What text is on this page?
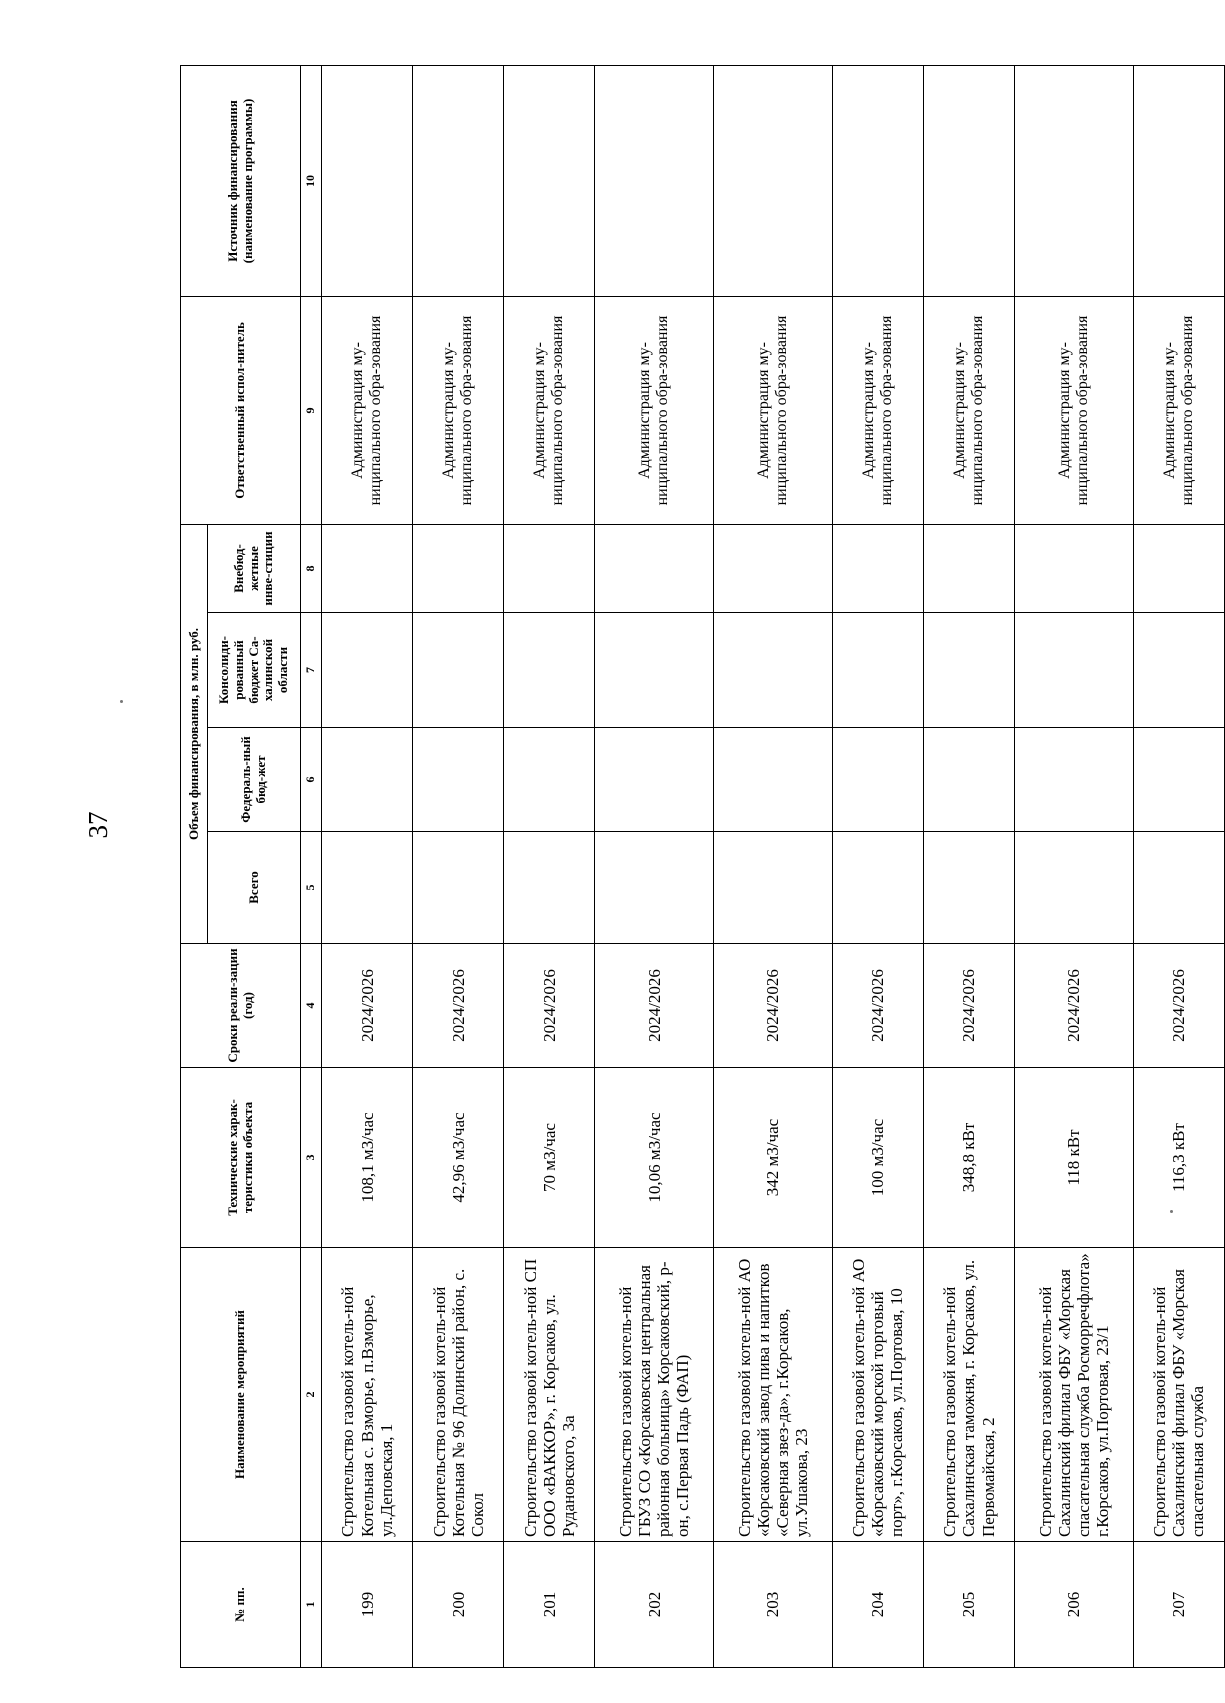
37
№ пп.	Наименование мероприятий	Технические харак-теристики объекта	Сроки реали-зации (год)	Объем финансирования, в млн. руб.				Ответственный испол-нитель	Источник финансирования (наименование программы)
				Всего	Федераль-ный бюд-жет	Консолиди-рованный бюджет Са-халинской области	Внебюд-жетные инве-стиции		
1	2	3	4	5	6	7	8	9	10
199	Строительство газовой котель-ной Котельная с. Взморье, п.Взморье, ул.Деповская, 1	108,1 м3/час	2024/2026					Администрация му-ниципального обра-зования	
200	Строительство газовой котель-ной Котельная № 96 Долинский район, с. Сокол	42,96 м3/час	2024/2026					Администрация му-ниципального обра-зования	
201	Строительство газовой котель-ной СП ООО «ВАККОР», г. Корсаков, ул. Рудановского, 3а	70 м3/час	2024/2026					Администрация му-ниципального обра-зования	
202	Строительство газовой котель-ной ГБУЗ СО «Корсаковская центральная районная больница» Корсаковский, р-он, с.Первая Падь (ФАП)	10,06 м3/час	2024/2026					Администрация му-ниципального обра-зования	
203	Строительство газовой котель-ной АО «Корсаковский завод пива и напитков «Северная звез-да», г.Корсаков, ул.Ушакова, 23	342 м3/час	2024/2026					Администрация му-ниципального обра-зования	
204	Строительство газовой котель-ной АО «Корсаковский морской торговый порт», г.Корсаков, ул.Портовая, 10	100 м3/час	2024/2026					Администрация му-ниципального обра-зования	
205	Строительство газовой котель-ной Сахалинская таможня, г. Корсаков, ул. Первомайская, 2	348,8 кВт	2024/2026					Администрация му-ниципального обра-зования	
206	Строительство газовой котель-ной Сахалинский филиал ФБУ «Морская спасательная служба Росморречфлота» г.Корсаков, ул.Портовая, 23/1	118 кВт	2024/2026					Администрация му-ниципального обра-зования	
207	Строительство газовой котель-ной Сахалинский филиал ФБУ «Морская спасательная служба	116,3 кВт	2024/2026					Администрация му-ниципального обра-зования	
